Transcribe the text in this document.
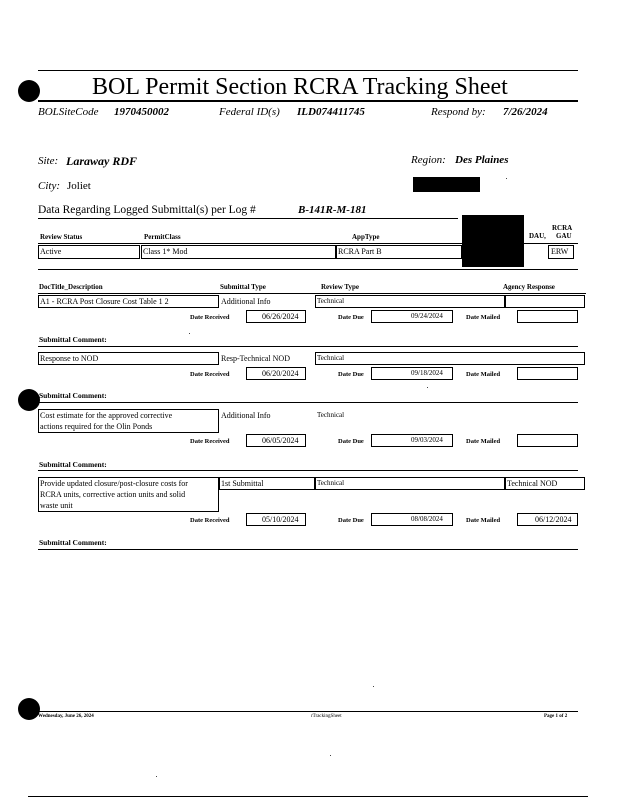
BOL Permit Section RCRA Tracking Sheet
BOLSiteCode 1970450002	Federal ID(s) ILD074411745	Respond by: 7/26/2024
Site: Laraway RDF	Region: Des Plaines
City: Joliet
Data Regarding Logged Submittal(s) per Log #	B-141R-M-181
RCRA
DAU, GAU
Review Status	PermitClass	AppType
Active	Class 1* Mod	RCRA Part B	ERW
DocTitle_Description	Submittal Type	Review Type	Agency Response
A1 - RCRA Post Closure Cost Table 1 2	Additional Info	Technical
Date Received	06/26/2024	Date Due	09/24/2024	Date Mailed
Submittal Comment:
Response to NOD	Resp-Technical NOD	Technical
Date Received	06/20/2024	Date Due	09/18/2024	Date Mailed
Submittal Comment:
Cost estimate for the approved corrective
actions required for the Olin Ponds
Additional Info	Technical
Date Received	06/05/2024	Date Due	09/03/2024	Date Mailed
Submittal Comment:
Provide updated closure/post-closure costs for
RCRA units, corrective action units and solid
waste unit
1st Submittal	Technical	Technical NOD
Date Received	05/10/2024	Date Due	08/08/2024	Date Mailed	06/12/2024
Submittal Comment:
Wednesday, June 26, 2024	rTrackingSheet	Page 1 of 2
